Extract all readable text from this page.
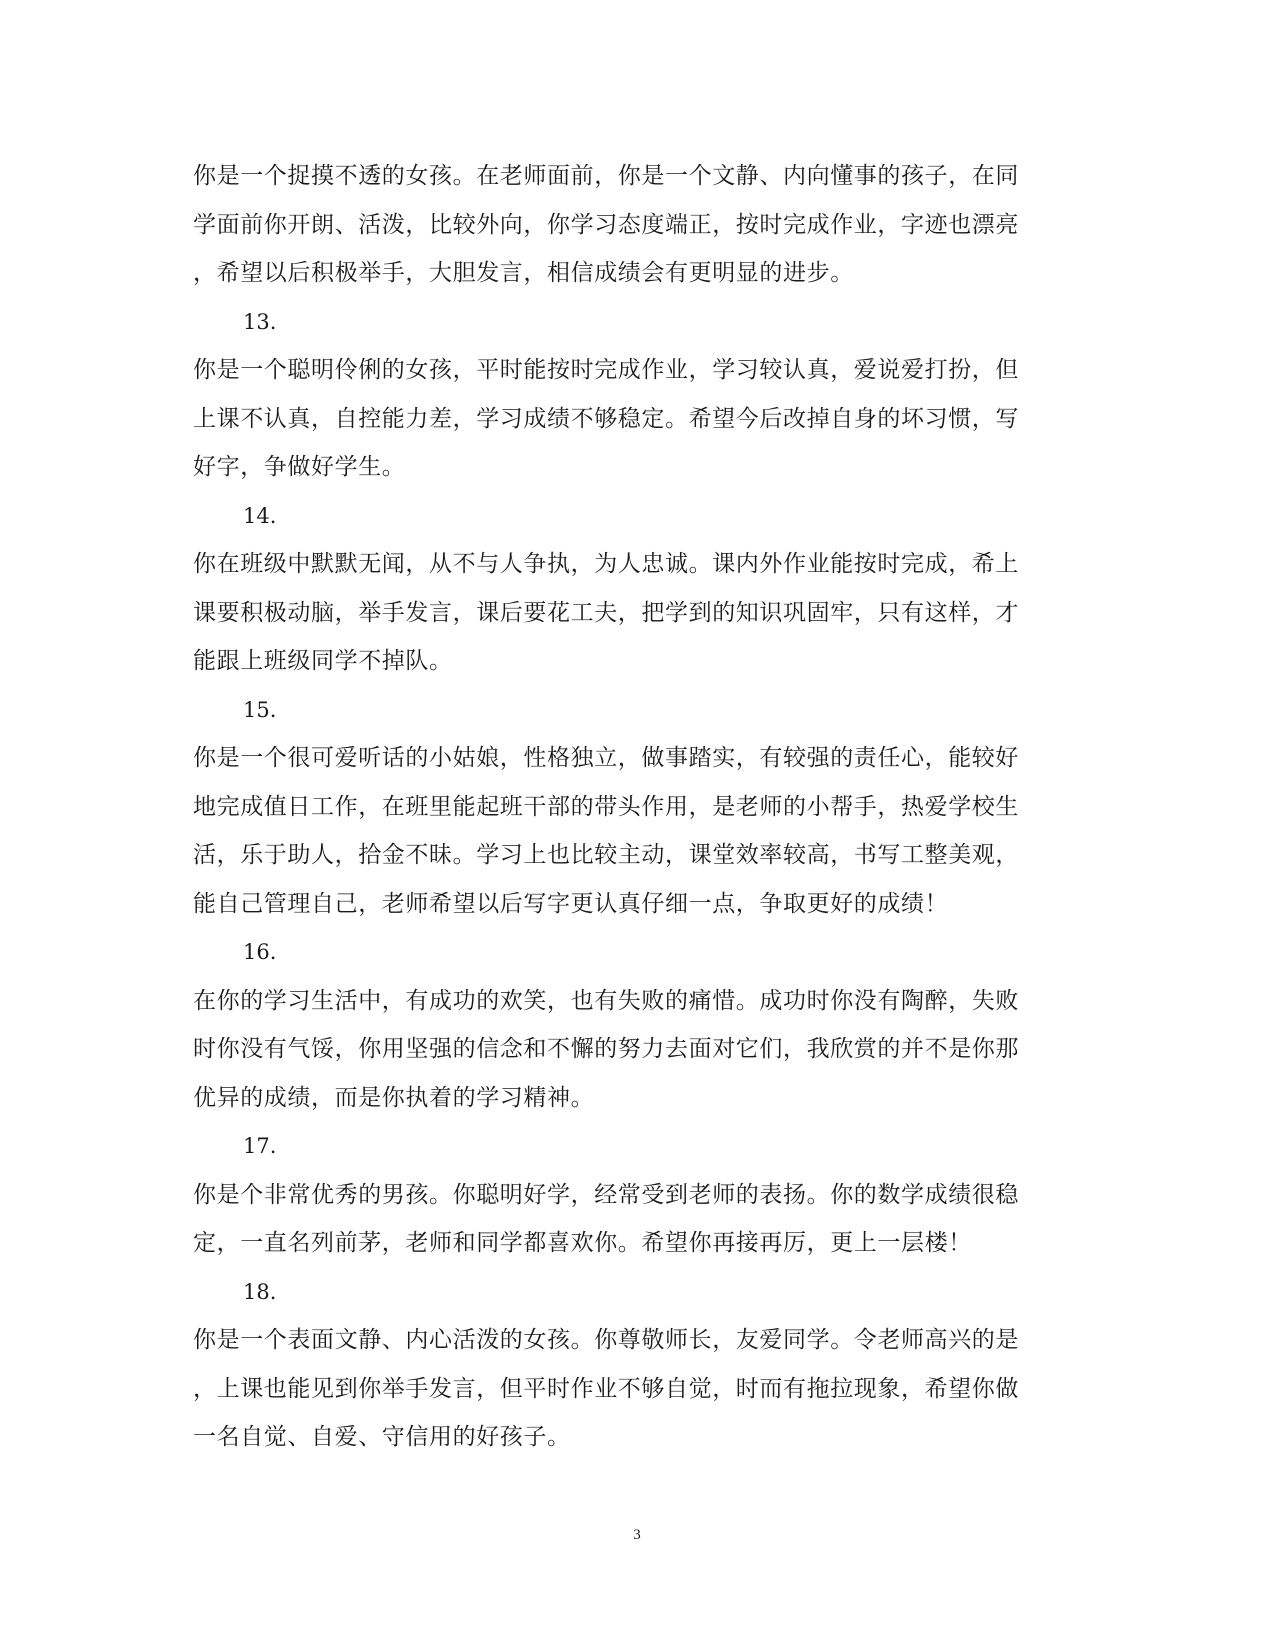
你是一个捉摸不透的女孩。在老师面前，你是一个文静、内向懂事的孩子，在同

学面前你开朗、活泼，比较外向，你学习态度端正，按时完成作业，字迹也漂亮

，希望以后积极举手，大胆发言，相信成绩会有更明显的进步。

13.

你是一个聪明伶俐的女孩，平时能按时完成作业，学习较认真，爱说爱打扮，但

上课不认真，自控能力差，学习成绩不够稳定。希望今后改掉自身的坏习惯，写

好字，争做好学生。

14.

你在班级中默默无闻，从不与人争执，为人忠诚。课内外作业能按时完成，希上

课要积极动脑，举手发言，课后要花工夫，把学到的知识巩固牢，只有这样，才

能跟上班级同学不掉队。

15.

你是一个很可爱听话的小姑娘，性格独立，做事踏实，有较强的责任心，能较好

地完成值日工作，在班里能起班干部的带头作用，是老师的小帮手，热爱学校生

活，乐于助人，拾金不昧。学习上也比较主动，课堂效率较高，书写工整美观，

能自己管理自己，老师希望以后写字更认真仔细一点，争取更好的成绩！

16.

在你的学习生活中，有成功的欢笑，也有失败的痛惜。成功时你没有陶醉，失败

时你没有气馁，你用坚强的信念和不懈的努力去面对它们，我欣赏的并不是你那

优异的成绩，而是你执着的学习精神。

17.

你是个非常优秀的男孩。你聪明好学，经常受到老师的表扬。你的数学成绩很稳

定，一直名列前茅，老师和同学都喜欢你。希望你再接再厉，更上一层楼！

18.

你是一个表面文静、内心活泼的女孩。你尊敬师长，友爱同学。令老师高兴的是

，上课也能见到你举手发言，但平时作业不够自觉，时而有拖拉现象，希望你做

一名自觉、自爱、守信用的好孩子。

3
